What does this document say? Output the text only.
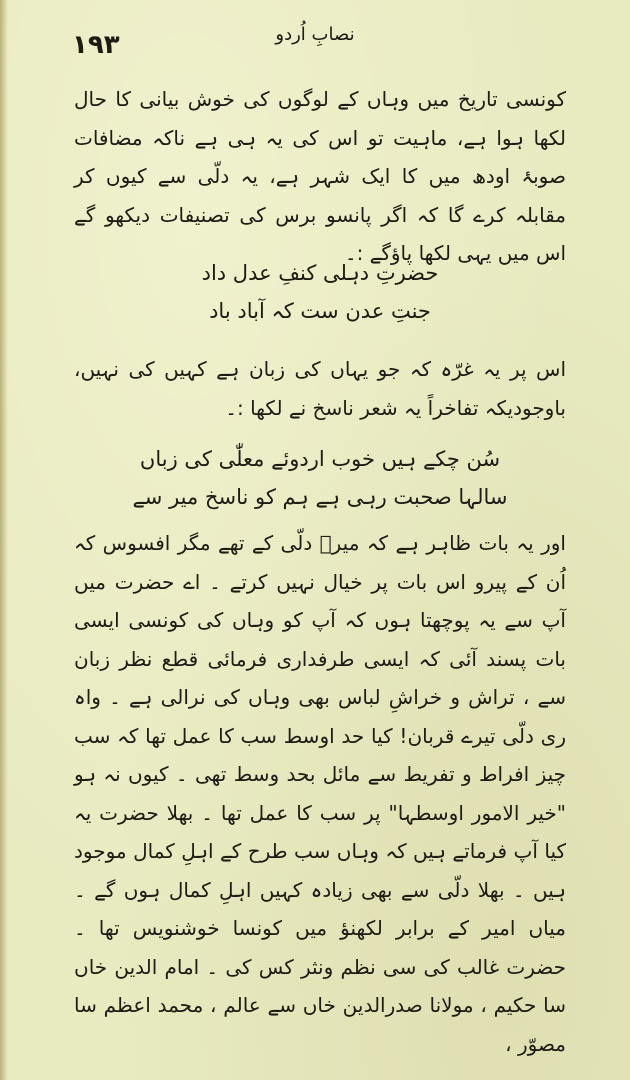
۱۹۳	نصابِ اُردو

کونسی تاریخ میں وہاں کے لوگوں کی خوش بیانی کا حال لکھا ہوا ہے، ماہیت تو اس کی یہ ہی ہے ناکہ مضافات صوبۂ اودھ میں کا ایک شہر ہے، یہ دلّی سے کیوں کر مقابلہ کرے گا کہ اگر پانسو برس کی تصنیفات دیکھو گے اس میں یہی لکھا پاؤگے :۔

حضرتِ دہلی کنفِ عدل داد
جنتِ عدن ست کہ آباد باد

اس پر یہ غرّہ کہ جو یہاں کی زبان ہے کہیں کی نہیں، باوجودیکہ تفاخراً یہ شعر ناسخ نے لکھا :۔

سُن چکے ہیں خوب اردوئے معلّٰی کی زباں
سالہا صحبت رہی ہے ہم کو ناسخ میر سے

اور یہ بات ظاہر ہے کہ میرؔ دلّی کے تھے مگر افسوس کہ اُن کے پیرو اس بات پر خیال نہیں کرتے ۔ اے حضرت میں آپ سے یہ پوچھتا ہوں کہ آپ کو وہاں کی کونسی ایسی بات پسند آئی کہ ایسی طرفداری فرمائی قطع نظر زبان سے ، تراش و خراشِ لباس بھی وہاں کی نرالی ہے ۔ واہ ری دلّی تیرے قربان! کیا حد اوسط سب کا عمل تھا کہ سب چیز افراط و تفریط سے مائل بحد وسط تھی ۔ کیوں نہ ہو "خیر الامور اوسطہا" پر سب کا عمل تھا ۔ بھلا حضرت یہ کیا آپ فرماتے ہیں کہ وہاں سب طرح کے اہلِ کمال موجود ہیں ۔ بھلا دلّی سے بھی زیادہ کہیں اہلِ کمال ہوں گے ۔ میاں امیر کے برابر لکھنؤ میں کونسا خوشنویس تھا ۔ حضرت غالب کی سی نظم ونثر کس کی ۔ امام الدین خاں سا حکیم ، مولانا صدرالدین خاں سے عالم ، محمد اعظم سا مصوّر ،
